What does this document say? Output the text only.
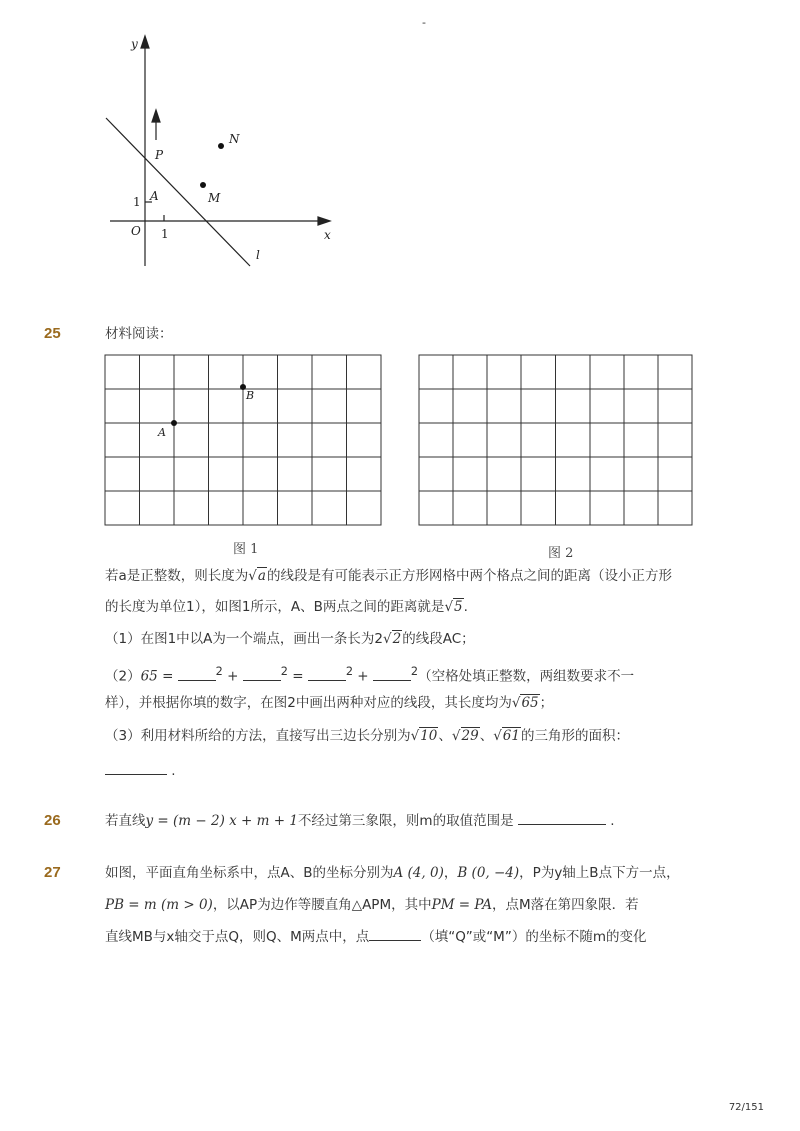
-
y
x
O 1
1 A
P
M
N
l
25	材料阅读：
A
B
图 1	图 2
若a是正整数，则长度为√a的线段是有可能表示正方形网格中两个格点之间的距离（设小正方形
的长度为单位1），如图1所示，A、B两点之间的距离就是√5.
（1）在图1中以A为一个端点，画出一条长为2√2的线段AC；
（2）65 =	$^2$ +	$^2$ =	$^2$ +	$^2$（空格处填正整数，两组数要求不一
样），并根据你填的数字，在图2中画出两种对应的线段，其长度均为√65；
（3）利用材料所给的方法，直接写出三边长分别为√10、√29、√61的三角形的面积：
.
26	若直线y = (m − 2) x + m + 1不经过第三象限，则m的取值范围是	.
27	如图，平面直角坐标系中，点A、B的坐标分别为A (4, 0)，B (0, −4)，P为y轴上B点下方一点，
PB = m (m > 0)，以AP为边作等腰直角△APM，其中PM = PA，点M落在第四象限．若
直线MB与x轴交于点Q，则Q、M两点中，点	（填“Q”或“M”）的坐标不随m的变化
72/151
